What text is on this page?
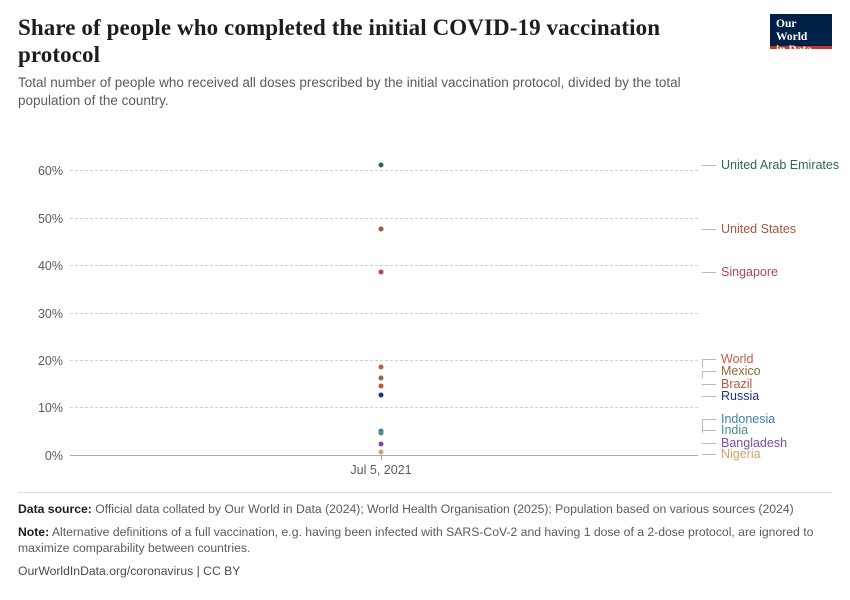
Share of people who completed the initial COVID-19 vaccination protocol

Total number of people who received all doses prescribed by the initial vaccination protocol, divided by the total population of the country.

Our World
in Data
0%
10%
20%
30%
40%
50%
60%
Jul 5, 2021
United Arab Emirates
United States
Singapore
World
Mexico
Brazil
Russia
Indonesia
India
Bangladesh
Nigeria

Data source: Official data collated by Our World in Data (2024); World Health Organisation (2025); Population based on various sources (2024)

Note: Alternative definitions of a full vaccination, e.g. having been infected with SARS-CoV-2 and having 1 dose of a 2-dose protocol, are ignored to maximize comparability between countries.

OurWorldInData.org/coronavirus | CC BY
